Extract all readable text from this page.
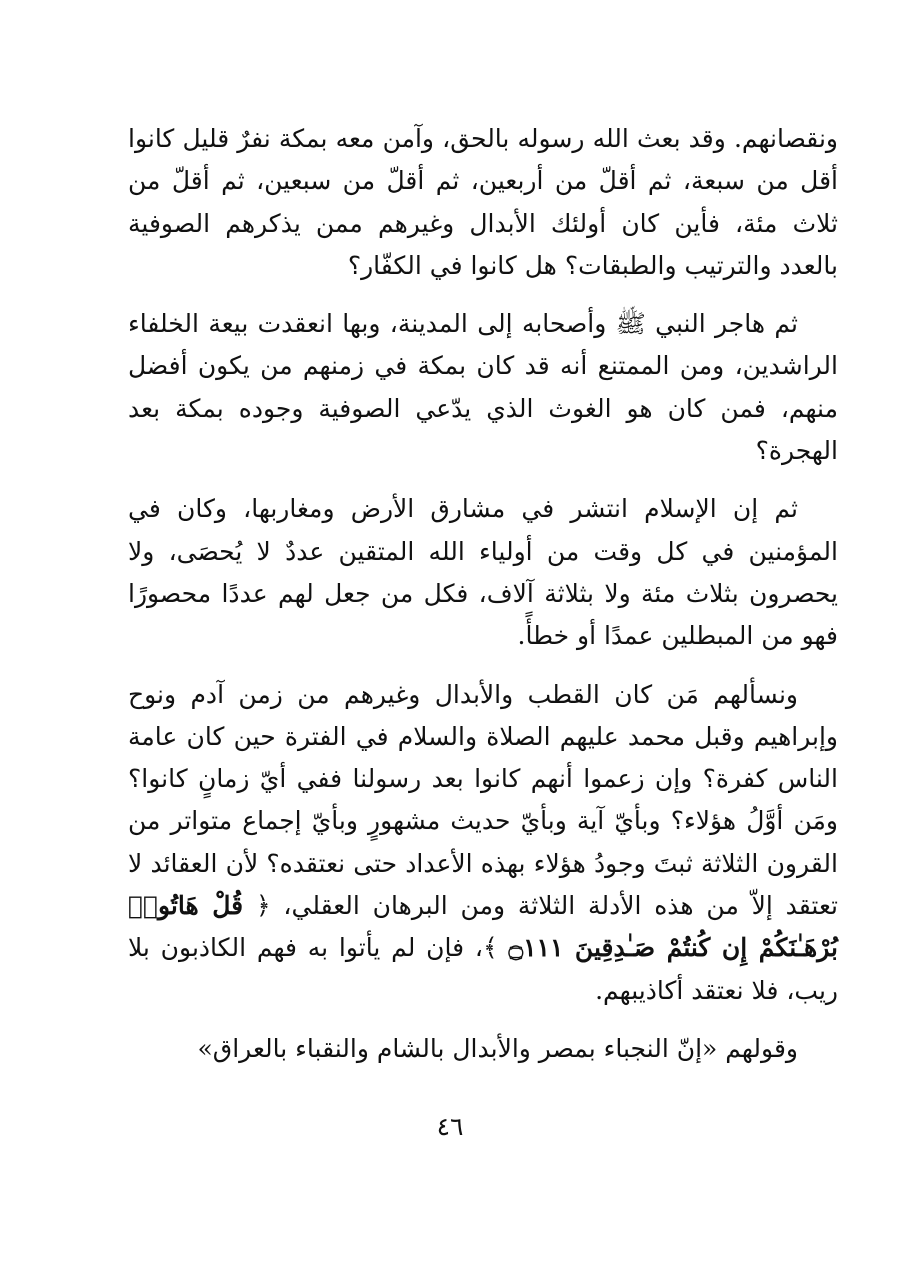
ونقصانهم. وقد بعث الله رسوله بالحق، وآمن معه بمكة نفرٌ قليل كانوا أقل من سبعة، ثم أقلّ من أربعين، ثم أقلّ من سبعين، ثم أقلّ من ثلاث مئة، فأين كان أولئك الأبدال وغيرهم ممن يذكرهم الصوفية بالعدد والترتيب والطبقات؟ هل كانوا في الكفّار؟

ثم هاجر النبي ﷺ وأصحابه إلى المدينة، وبها انعقدت بيعة الخلفاء الراشدين، ومن الممتنع أنه قد كان بمكة في زمنهم من يكون أفضل منهم، فمن كان هو الغوث الذي يدّعي الصوفية وجوده بمكة بعد الهجرة؟

ثم إن الإسلام انتشر في مشارق الأرض ومغاربها، وكان في المؤمنين في كل وقت من أولياء الله المتقين عددٌ لا يُحصَى، ولا يحصرون بثلاث مئة ولا بثلاثة آلاف، فكل من جعل لهم عددًا محصورًا فهو من المبطلين عمدًا أو خطأً.

ونسألهم مَن كان القطب والأبدال وغيرهم من زمن آدم ونوح وإبراهيم وقبل محمد عليهم الصلاة والسلام في الفترة حين كان عامة الناس كفرة؟ وإن زعموا أنهم كانوا بعد رسولنا ففي أيّ زمانٍ كانوا؟ ومَن أوَّلُ هؤلاء؟ وبأيّ آية وبأيّ حديث مشهورٍ وبأيّ إجماع متواتر من القرون الثلاثة ثبتَ وجودُ هؤلاء بهذه الأعداد حتى نعتقده؟ لأن العقائد لا تعتقد إلاّ من هذه الأدلة الثلاثة ومن البرهان العقلي، ﴿ قُلْ هَاتُوا۟ بُرْهَـٰنَكُمْ إِن كُنتُمْ صَـٰدِقِينَ ۝١١١ ﴾، فإن لم يأتوا به فهم الكاذبون بلا ريب، فلا نعتقد أكاذيبهم.

وقولهم «إنّ النجباء بمصر والأبدال بالشام والنقباء بالعراق»

٤٦
